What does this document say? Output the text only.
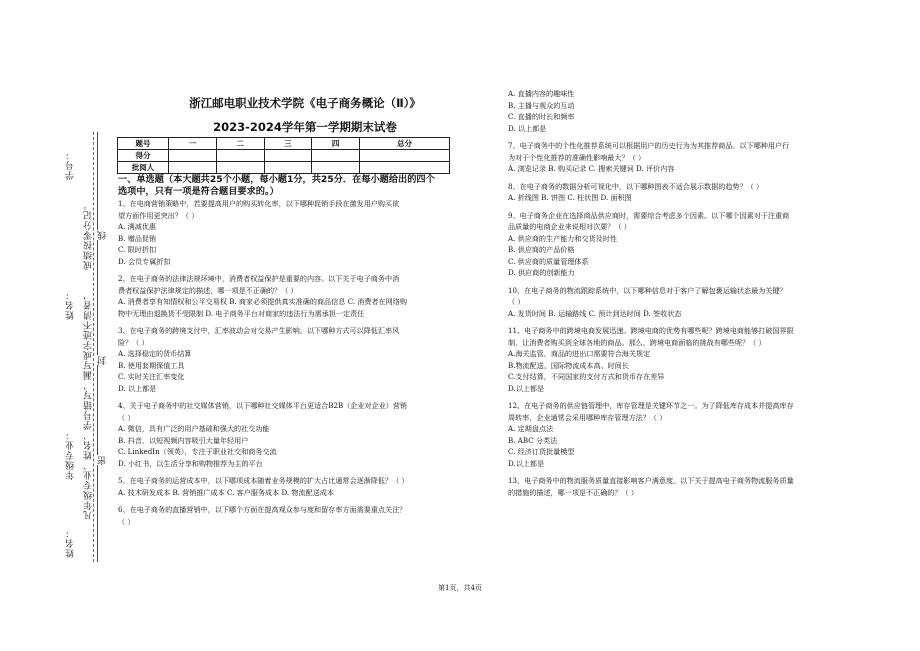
学号：
成绩按零分记。 线
姓名： 凡年级专业、姓名、学号错写、漏写或字迹不清者， 封
年级专业： 密
姓名：
浙江邮电职业技术学院《电子商务概论（Ⅱ）》
2023-2024学年第一学期期末试卷
题号	一	二	三	四	总分
得分					
批阅人					
一、单选题（本大题共25个小题，每小题1分，共25分．在每小题给出的四个
选项中，只有一项是符合题目要求的。）

1、在电商营销策略中，若要提高用户的购买转化率，以下哪种促销手段在激发用户购买欲

望方面作用更突出？（ ）

A. 满减优惠

B. 赠品促销

C. 限时折扣

D. 会员专属折扣

2、在电子商务的法律法规环境中，消费者权益保护是重要的内容。以下关于电子商务中消

费者权益保护法律规定的描述，哪一项是不正确的？（ ）

A. 消费者享有知情权和公平交易权 B. 商家必须提供真实准确的商品信息 C. 消费者在网络购

物中无理由退换货不受限制 D. 电子商务平台对商家的违法行为需承担一定责任

3、在电子商务的跨境支付中，汇率波动会对交易产生影响。以下哪种方式可以降低汇率风

险？（ ）

A. 选择稳定的货币结算

B. 使用套期保值工具

C. 实时关注汇率变化

D. 以上都是

4、关于电子商务中的社交媒体营销，以下哪种社交媒体平台更适合B2B（企业对企业）营销

（ ）

A. 微信，具有广泛的用户基础和强大的社交功能

B. 抖音，以短视频内容吸引大量年轻用户

C. LinkedIn（领英），专注于职业社交和商务交流

D. 小红书，以生活分享和购物推荐为主的平台

5、在电子商务的运营成本中，以下哪项成本随着业务规模的扩大占比通常会逐渐降低？（ ）

A. 技术研发成本 B. 营销推广成本 C. 客户服务成本 D. 物流配送成本

6、在电子商务的直播营销中，以下哪个方面在提高观众参与度和留存率方面需要重点关注？

（ ）

A. 直播内容的趣味性

B. 主播与观众的互动

C. 直播的时长和频率

D. 以上都是

7、电子商务中的个性化推荐系统可以根据用户的历史行为为其推荐商品。以下哪种用户行

为对于个性化推荐的准确性影响最大？（ ）

A. 浏览记录 B. 购买记录 C. 搜索关键词 D. 评价内容

8、在电子商务的数据分析可视化中，以下哪种图表不适合展示数据的趋势？（ ）

A. 折线图 B. 饼图 C. 柱状图 D. 面积图

9、电子商务企业在选择商品供应商时，需要综合考虑多个因素。以下哪个因素对于注重商

品质量的电商企业来说相对次要？（ ）

A. 供应商的生产能力和交货及时性

B. 供应商的产品价格

C. 供应商的质量管理体系

D. 供应商的创新能力

10、在电子商务的物流跟踪系统中，以下哪种信息对于客户了解包裹运输状态最为关键？

（ ）

A. 发货时间 B. 运输路线 C. 预计到达时间 D. 签收状态

11、电子商务中的跨境电商发展迅速。跨境电商的优势有哪些呢？跨境电商能够打破国界限

制，让消费者购买到全球各地的商品。那么，跨境电商面临的挑战有哪些呢？（ ）

A.海关监管，商品的进出口需要符合海关规定

B.物流配送，国际物流成本高、时间长

C.支付结算，不同国家的支付方式和货币存在差异

D.以上都是

12、在电子商务的供应链管理中，库存管理是关键环节之一。为了降低库存成本并提高库存

周转率，企业通常会采用哪种库存管理方法？（ ）

A. 定期盘点法

B. ABC 分类法

C. 经济订货批量模型

D.以上都是

13、电子商务中的物流服务质量直接影响客户满意度。以下关于提高电子商务物流服务质量

的措施的描述，哪一项是不正确的？（ ）

第1页，共4页
